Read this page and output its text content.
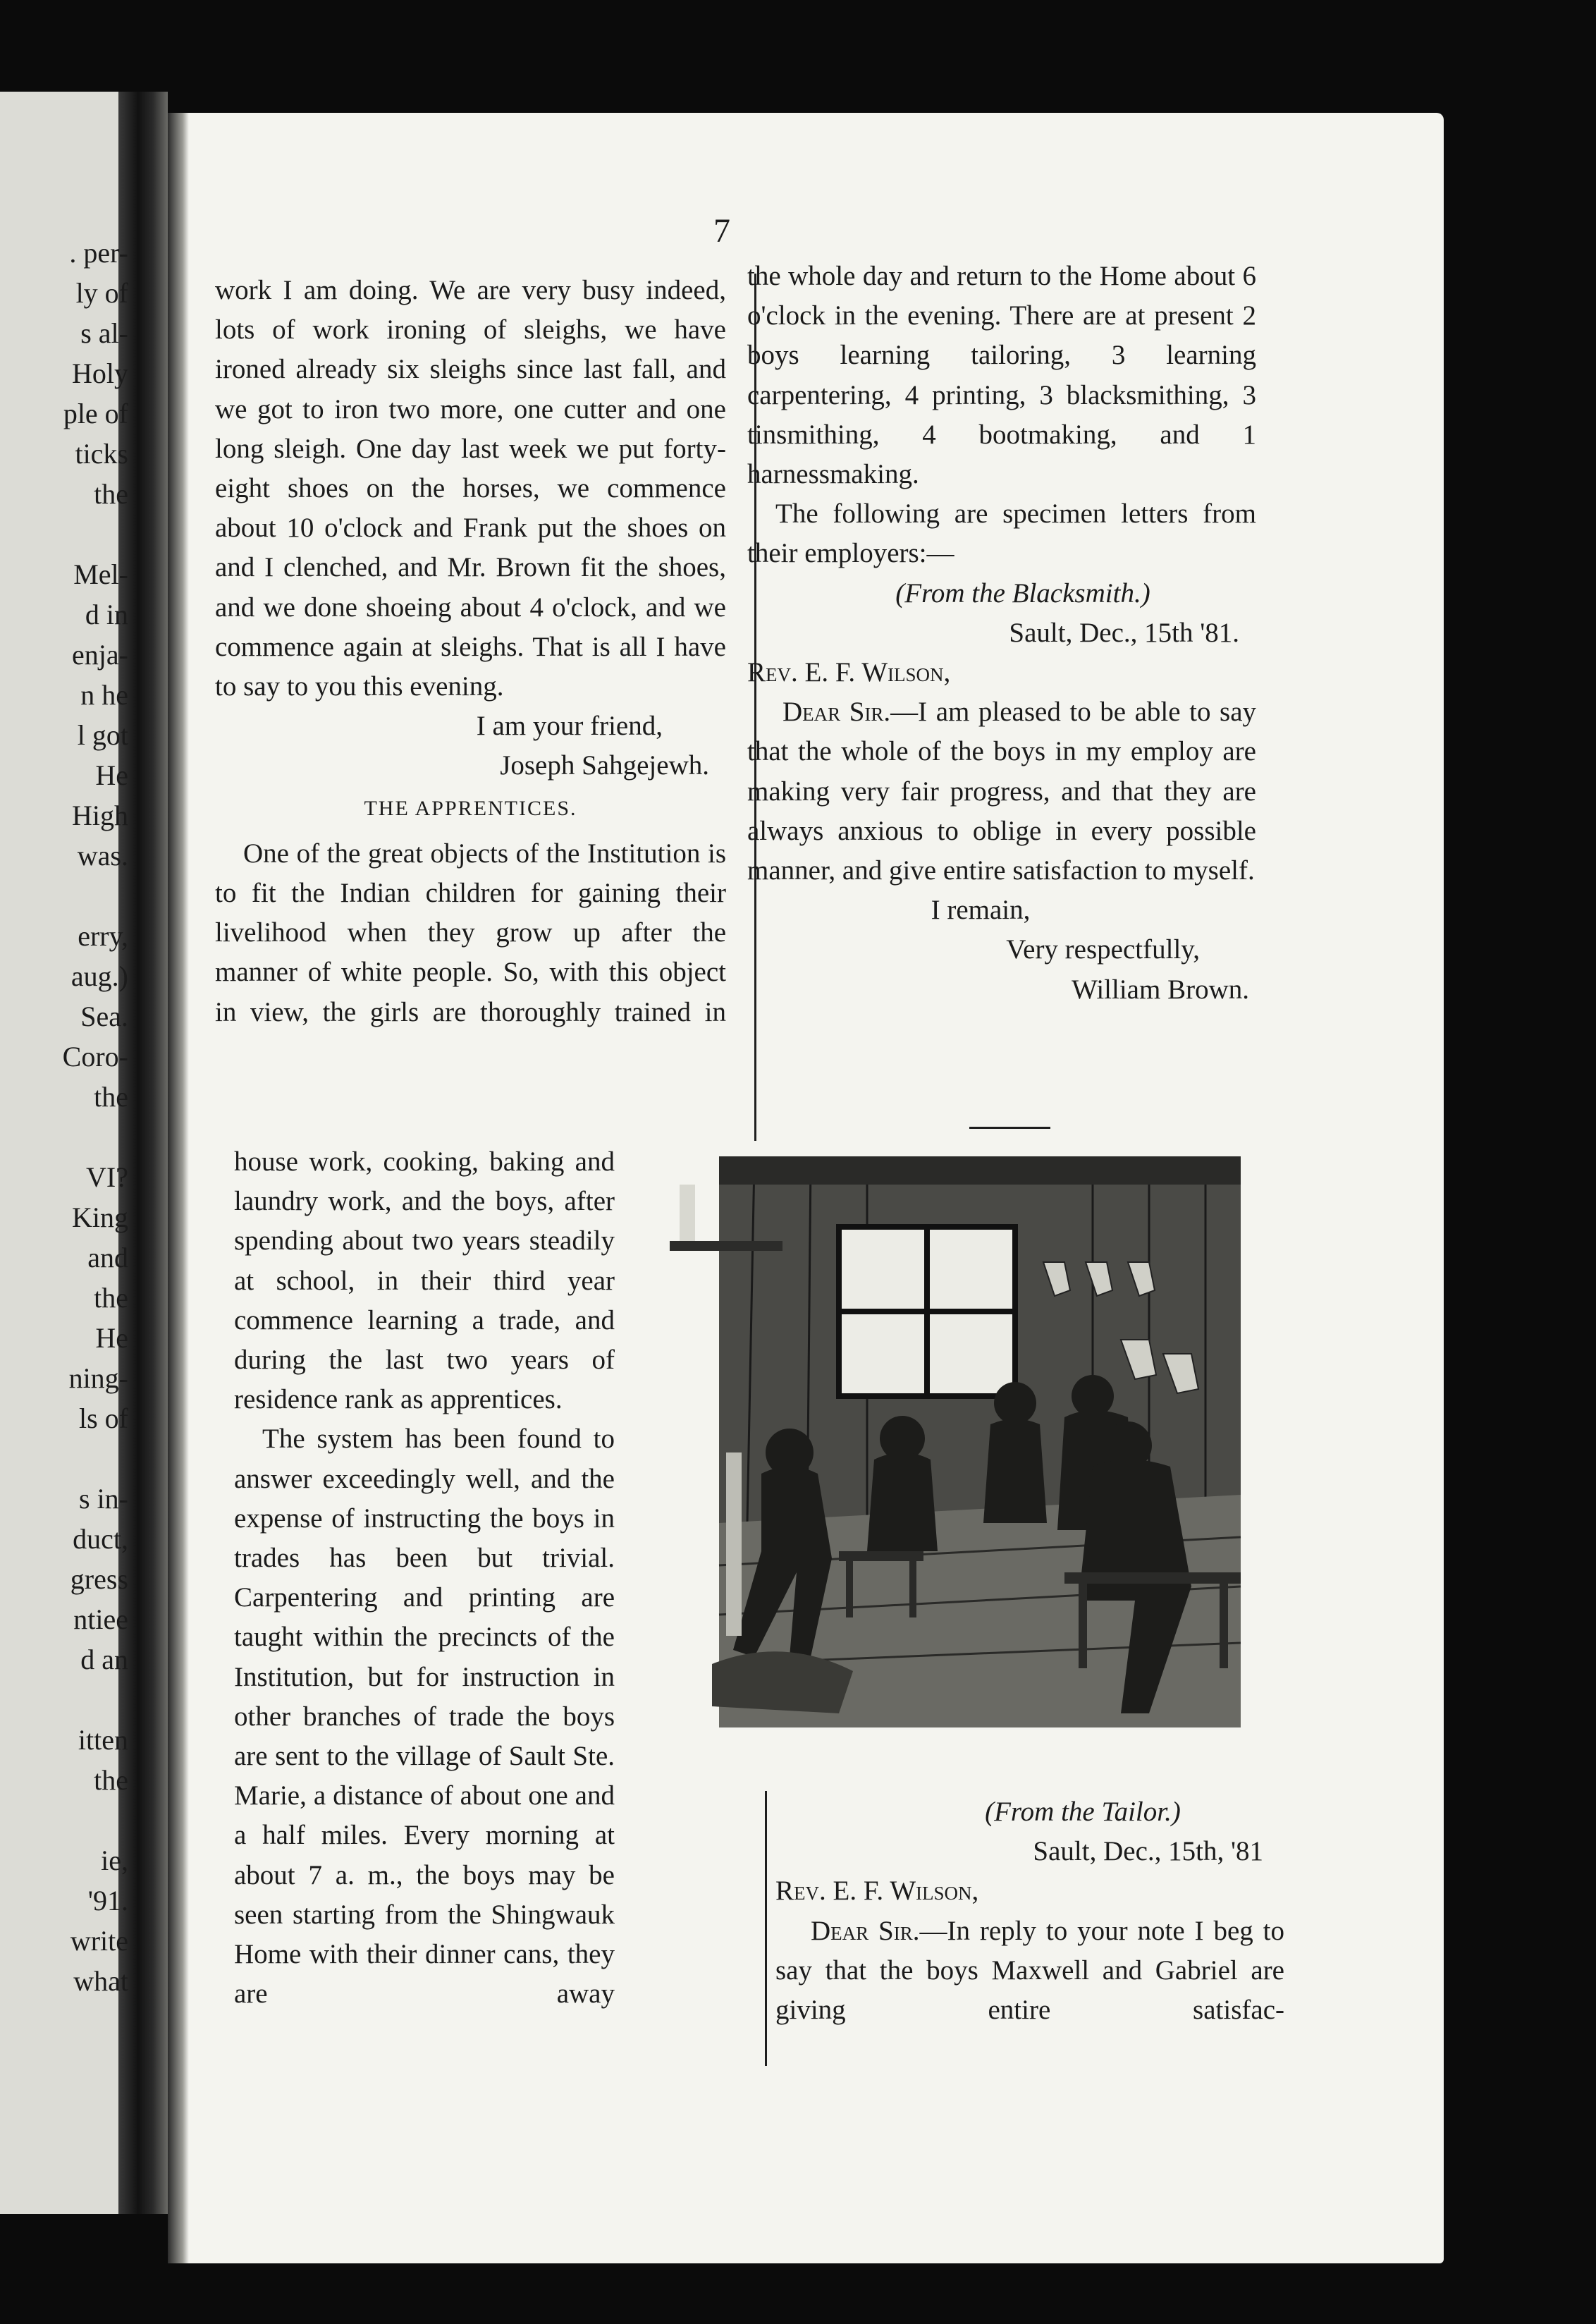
. per-
ly of
s al-
Holy
ple of
ticks
the
Mel-
d in
enja-
n he
l got
He
High
was.
erry,
aug.)
Sea.
Coro-
the
VI?
King
and
the
He
ning-
ls of
s in-
duct,
gress
ntiee
d an
itten
the
ie,
'91.
write
what
7

work I am doing. We are very busy indeed, lots of work ironing of sleighs, we have ironed already six sleighs since last fall, and we got to iron two more, one cutter and one long sleigh. One day last week we put forty-eight shoes on the horses, we commence about 10 o'clock and Frank put the shoes on and I clenched, and Mr. Brown fit the shoes, and we done shoeing about 4 o'clock, and we commence again at sleighs. That is all I have to say to you this evening.

I am your friend,

Joseph Sahgejewh.

THE APPRENTICES.

One of the great objects of the Institution is to fit the Indian children for gaining their livelihood when they grow up after the manner of white people. So, with this object in view, the girls are thoroughly trained in

house work, cooking, baking and laundry work, and the boys, after spending about two years steadily at school, in their third year commence learning a trade, and during the last two years of residence rank as apprentices.

The system has been found to answer exceedingly well, and the expense of instructing the boys in trades has been but trivial. Carpentering and printing are taught within the precincts of the Institution, but for instruction in other branches of trade the boys are sent to the village of Sault Ste. Marie, a distance of about one and a half miles. Every morning at about 7 a. m., the boys may be seen starting from the Shingwauk Home with their dinner cans, they are away

the whole day and return to the Home about 6 o'clock in the evening. There are at present 2 boys learning tailoring, 3 learning carpentering, 4 printing, 3 blacksmithing, 3 tinsmithing, 4 bootmaking, and 1 harnessmaking.

The following are specimen letters from their employers:—

(From the Blacksmith.)

Sault, Dec., 15th '81.

Rev. E. F. Wilson,

Dear Sir.—I am pleased to be able to say that the whole of the boys in my employ are making very fair progress, and that they are always anxious to oblige in every possible manner, and give entire satisfaction to myself.

I remain,

Very respectfully,

William Brown.

(From the Tailor.)

Sault, Dec., 15th, '81

Rev. E. F. Wilson,

Dear Sir.—In reply to your note I beg to say that the boys Maxwell and Gabriel are giving entire satisfac-
